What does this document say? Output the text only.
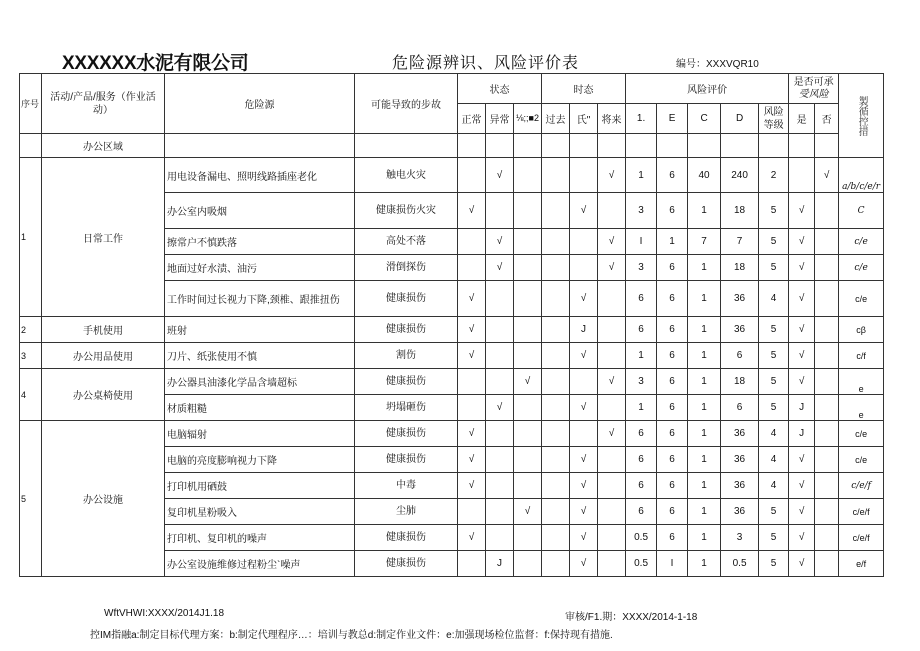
XXXXXX水泥有限公司	危险源辨识、风险评价表	编号：XXXVQR10
序号	活动/产品/服务（作业活动）	危险源	可能导致的步故	状态			时态			风险评价					是否可承
受风险		製循控措
				正常	异常	⅛;;■2	过去	氏"	将来	1.	E	C	D	风险等级	是	否	
	办公区域																
1	日常工作	用电设备漏电、照明线路插座老化	触电火灾		√				√	1	6	40	240	2		√	a/b/c/e/r
		办公室内吸烟	健康损伤火灾	√				√		3	6	1	18	5	√		C
		擦常户不慎跌落	高处不落		√				√	I	1	7	7	5	√		c/e
		地面过好水渍、油污	滑倒探伤		√				√	3	6	1	18	5	√		c/e
		工作时间过长视力下降,颈椎、跟推扭伤	健康损伤	√				√		6	6	1	36	4	√		c/e
2	手机使用	班射	健康损伤	√				J		6	6	1	36	5	√		cβ
3	办公用品使用	刀片、纸张使用不慎	割伤	√				√		1	6	1	6	5	√		c/f
4	办公桌椅使用	办公器具油漆化学品含墙超标	健康损伤			√			√	3	6	1	18	5	√		e
		材质粗糙	坍塌砸伤		√			√		1	6	1	6	5	J		e
5	办公设施	电脑辐射	健康损伤	√					√	6	6	1	36	4	J		c/e
		电脑的亮度膨响视力下降	健康损伤	√				√		6	6	1	36	4	√		c/e
		打印机用硒鼓	中毒	√				√		6	6	1	36	4	√		c/e/f
		复印机星粉吸入	尘肺			√		√		6	6	1	36	5	√		c/e/f
		打印机、复印机的噪声	健康损伤	√				√		0.5	6	1	3	5	√		c/e/f
		办公室设施维修过程粉尘`噪声	健康损伤		J			√		0.5	I	1	0.5	5	√		e/f
WftVHWI:XXXX/2014J1.18	审核/F1.期：XXXX/2014-1-18
控IM指融a:制定目标代理方案：b:制定代理程序…：培训与教总d:制定作业文件：e:加强现场检位监督：f:保持现有措施.
